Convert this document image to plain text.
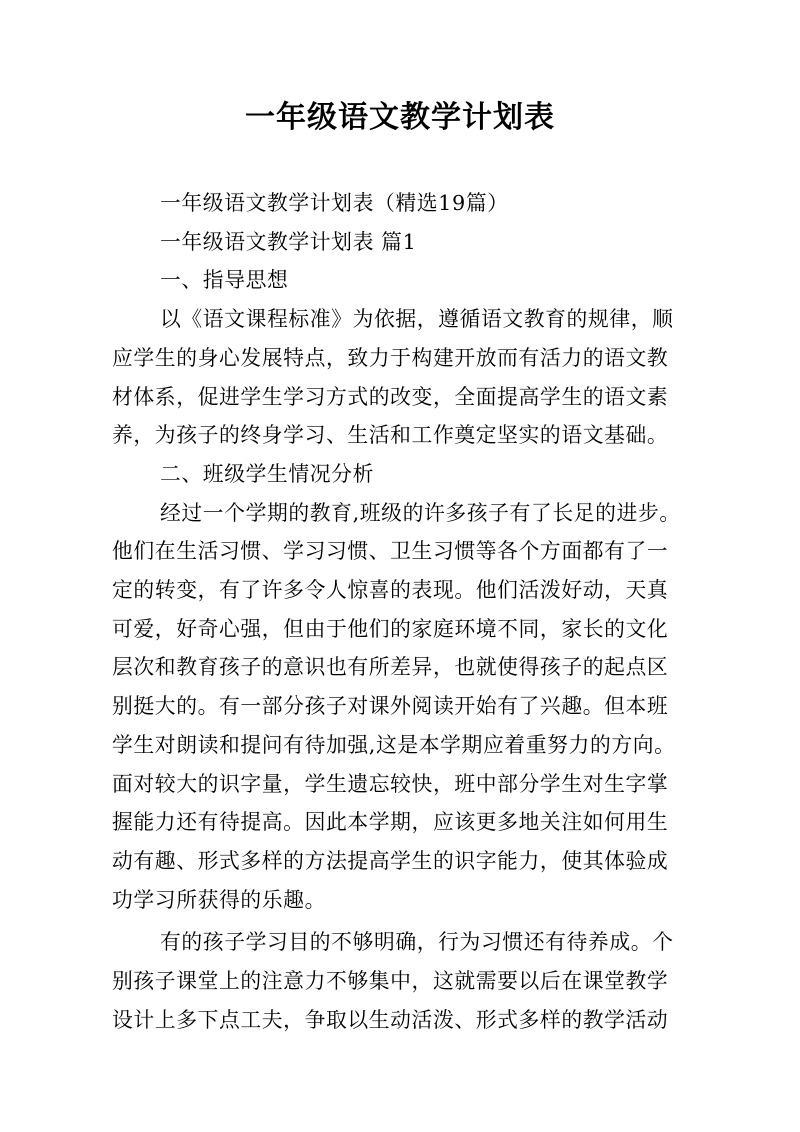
一年级语文教学计划表

一年级语文教学计划表（精选19篇）

一年级语文教学计划表 篇1

一、指导思想

以《语文课程标准》为依据，遵循语文教育的规律，顺
应学生的身心发展特点，致力于构建开放而有活力的语文教
材体系，促进学生学习方式的改变，全面提高学生的语文素
养，为孩子的终身学习、生活和工作奠定坚实的语文基础。

二、班级学生情况分析

经过一个学期的教育,班级的许多孩子有了长足的进步。
他们在生活习惯、学习习惯、卫生习惯等各个方面都有了一
定的转变，有了许多令人惊喜的表现。他们活泼好动，天真
可爱，好奇心强，但由于他们的家庭环境不同，家长的文化
层次和教育孩子的意识也有所差异，也就使得孩子的起点区
别挺大的。有一部分孩子对课外阅读开始有了兴趣。但本班
学生对朗读和提问有待加强,这是本学期应着重努力的方向。
面对较大的识字量，学生遗忘较快，班中部分学生对生字掌
握能力还有待提高。因此本学期，应该更多地关注如何用生
动有趣、形式多样的方法提高学生的识字能力，使其体验成
功学习所获得的乐趣。

有的孩子学习目的不够明确，行为习惯还有待养成。个
别孩子课堂上的注意力不够集中，这就需要以后在课堂教学
设计上多下点工夫，争取以生动活泼、形式多样的教学活动
